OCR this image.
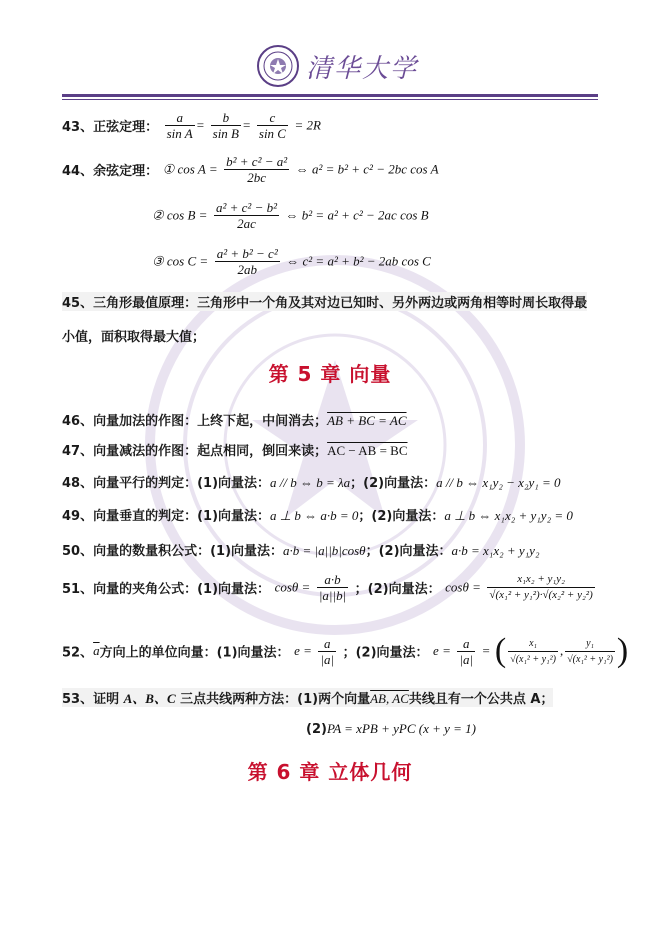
清华大学
43、正弦定理： $\frac{a}{\text{sin A}} = \frac{b}{\text{sin B}} = \frac{c}{\text{sin C}} = 2R$
44、余弦定理： ① $\cos A = \frac{\text{b² + c² − a²}}{2bc}$ ⇔ a² = b² + c² − 2bc cos A
② $\cos B = \frac{\text{a² + c² − b²}}{2ac}$ ⇔ b² = a² + c² − 2ac cos B
③ $\cos C = \frac{\text{a² + b² − c²}}{2ab}$ ⇔ c² = a² + b² − 2ab cos C
45、三角形最值原理：三角形中一个角及其对边已知时、另外两边或两角相等时周长取得最
小值，面积取得最大值；
第 5 章 向量
46、向量加法的作图：上终下起，中间消去；AB + BC = AC
47、向量减法的作图：起点相同，倒回来读；AC − AB = BC
48、向量平行的判定：(1)向量法：a // b ⇔ b = λa；(2)向量法：a // b ⇔ x₁y₂ − x₂y₁ = 0
49、向量垂直的判定：(1)向量法：a ⊥ b ⇔ a·b = 0；(2)向量法：a ⊥ b ⇔ x₁x₂ + y₁y₂ = 0
50、向量的数量积公式：(1)向量法：a·b = |a||b|cosθ；(2)向量法：a·b = x₁x₂ + y₁y₂
51、向量的夹角公式：(1)向量法： $\cos\theta = \frac{a\cdot b}{|a||b|}$ ；(2)向量法： $\cos\theta = \frac{\text{x₁x₂ + y₁y₂}}{\text{√(x₁² + y₁²)·√(x₂² + y₂²)}}$
52、$\overline{a}$方向上的单位向量：(1)向量法： $e = \frac{a}{|a|}$ ；(2)向量法： $e = \frac{a}{|a|}$ = ( $\frac{\text{x₁}}{\text{√(x₁² + y₁²)}}$ , $\frac{\text{y₁}}{\text{√(x₁² + y₁²)}}$ )
53、证明 A、B、C 三点共线两种方法：(1)两个向量AB, AC共线且有一个公共点 A；
(2)PA = xPB + yPC (x + y = 1)
第 6 章 立体几何
